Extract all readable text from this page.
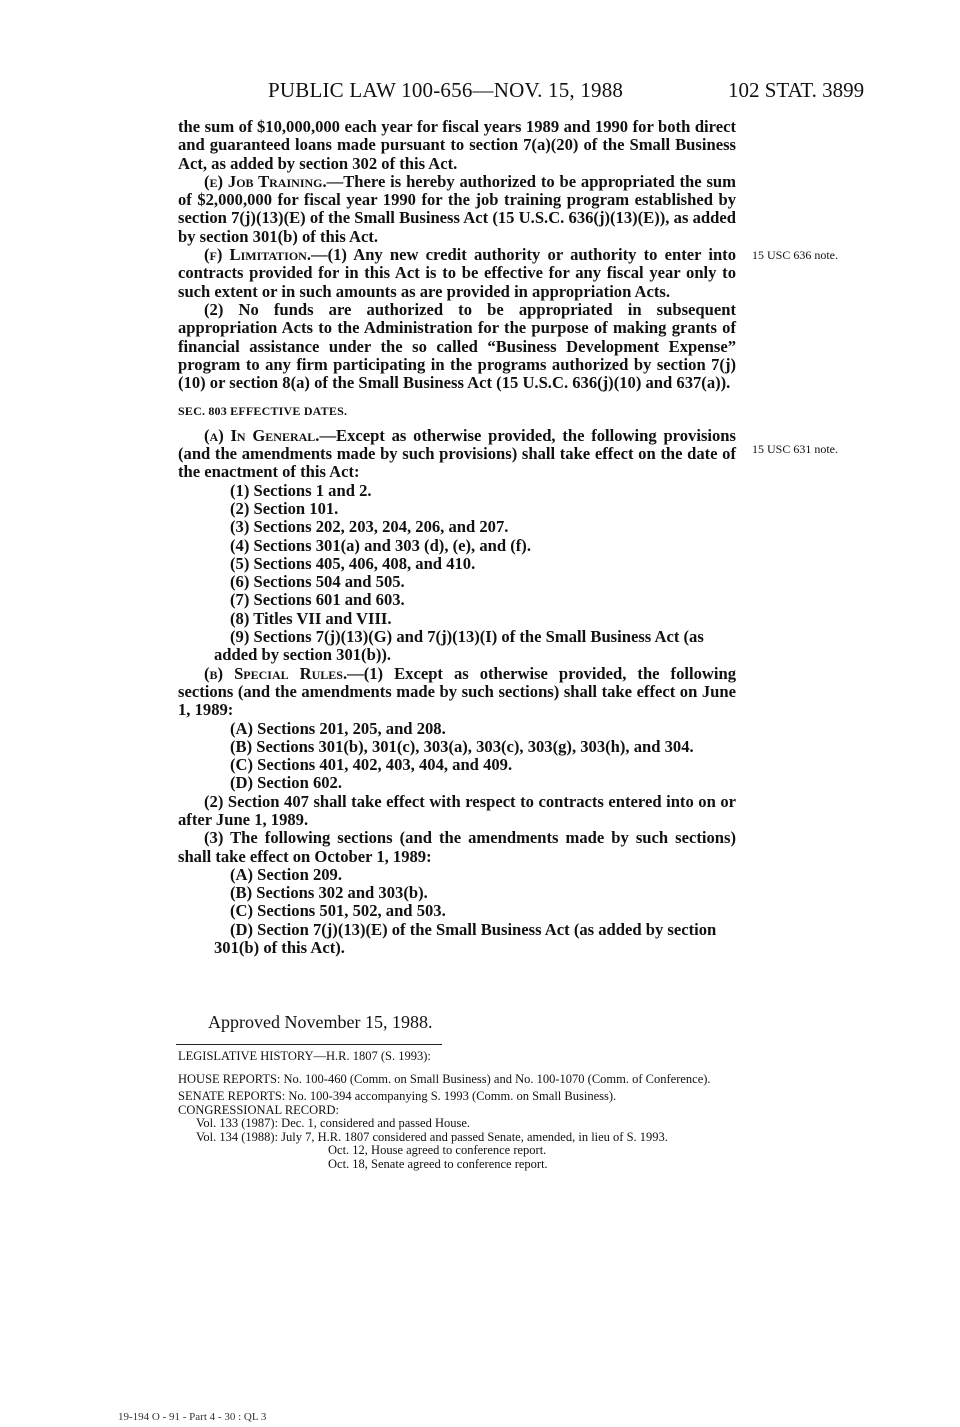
PUBLIC LAW 100-656—NOV. 15, 1988	102 STAT. 3899

the sum of $10,000,000 each year for fiscal years 1989 and 1990 for both direct and guaranteed loans made pursuant to section 7(a)(20) of the Small Business Act, as added by section 302 of this Act.

(e) Job Training.—There is hereby authorized to be appropriated the sum of $2,000,000 for fiscal year 1990 for the job training program established by section 7(j)(13)(E) of the Small Business Act (15 U.S.C. 636(j)(13)(E)), as added by section 301(b) of this Act.

(f) Limitation.—(1) Any new credit authority or authority to enter into contracts provided for in this Act is to be effective for any fiscal year only to such extent or in such amounts as are provided in appropriation Acts.

(2) No funds are authorized to be appropriated in subsequent appropriation Acts to the Administration for the purpose of making grants of financial assistance under the so called “Business Development Expense” program to any firm participating in the programs authorized by section 7(j)(10) or section 8(a) of the Small Business Act (15 U.S.C. 636(j)(10) and 637(a)).

SEC. 803 EFFECTIVE DATES.

(a) In General.—Except as otherwise provided, the following provisions (and the amendments made by such provisions) shall take effect on the date of the enactment of this Act:

(1) Sections 1 and 2.

(2) Section 101.

(3) Sections 202, 203, 204, 206, and 207.

(4) Sections 301(a) and 303 (d), (e), and (f).

(5) Sections 405, 406, 408, and 410.

(6) Sections 504 and 505.

(7) Sections 601 and 603.

(8) Titles VII and VIII.

(9) Sections 7(j)(13)(G) and 7(j)(13)(I) of the Small Business Act (as added by section 301(b)).

(b) Special Rules.—(1) Except as otherwise provided, the following sections (and the amendments made by such sections) shall take effect on June 1, 1989:

(A) Sections 201, 205, and 208.

(B) Sections 301(b), 301(c), 303(a), 303(c), 303(g), 303(h), and 304.

(C) Sections 401, 402, 403, 404, and 409.

(D) Section 602.

(2) Section 407 shall take effect with respect to contracts entered into on or after June 1, 1989.

(3) The following sections (and the amendments made by such sections) shall take effect on October 1, 1989:

(A) Section 209.

(B) Sections 302 and 303(b).

(C) Sections 501, 502, and 503.

(D) Section 7(j)(13)(E) of the Small Business Act (as added by section 301(b) of this Act).

15 USC 636 note.
15 USC 631 note.
Approved November 15, 1988.

LEGISLATIVE HISTORY—H.R. 1807 (S. 1993):

HOUSE REPORTS: No. 100-460 (Comm. on Small Business) and No. 100-1070 (Comm. of Conference).

SENATE REPORTS: No. 100-394 accompanying S. 1993 (Comm. on Small Business).

CONGRESSIONAL RECORD:

Vol. 133 (1987): Dec. 1, considered and passed House.

Vol. 134 (1988): July 7, H.R. 1807 considered and passed Senate, amended, in lieu of S. 1993.

Oct. 12, House agreed to conference report.

Oct. 18, Senate agreed to conference report.

19-194 O - 91 - Part 4 - 30 : QL 3
